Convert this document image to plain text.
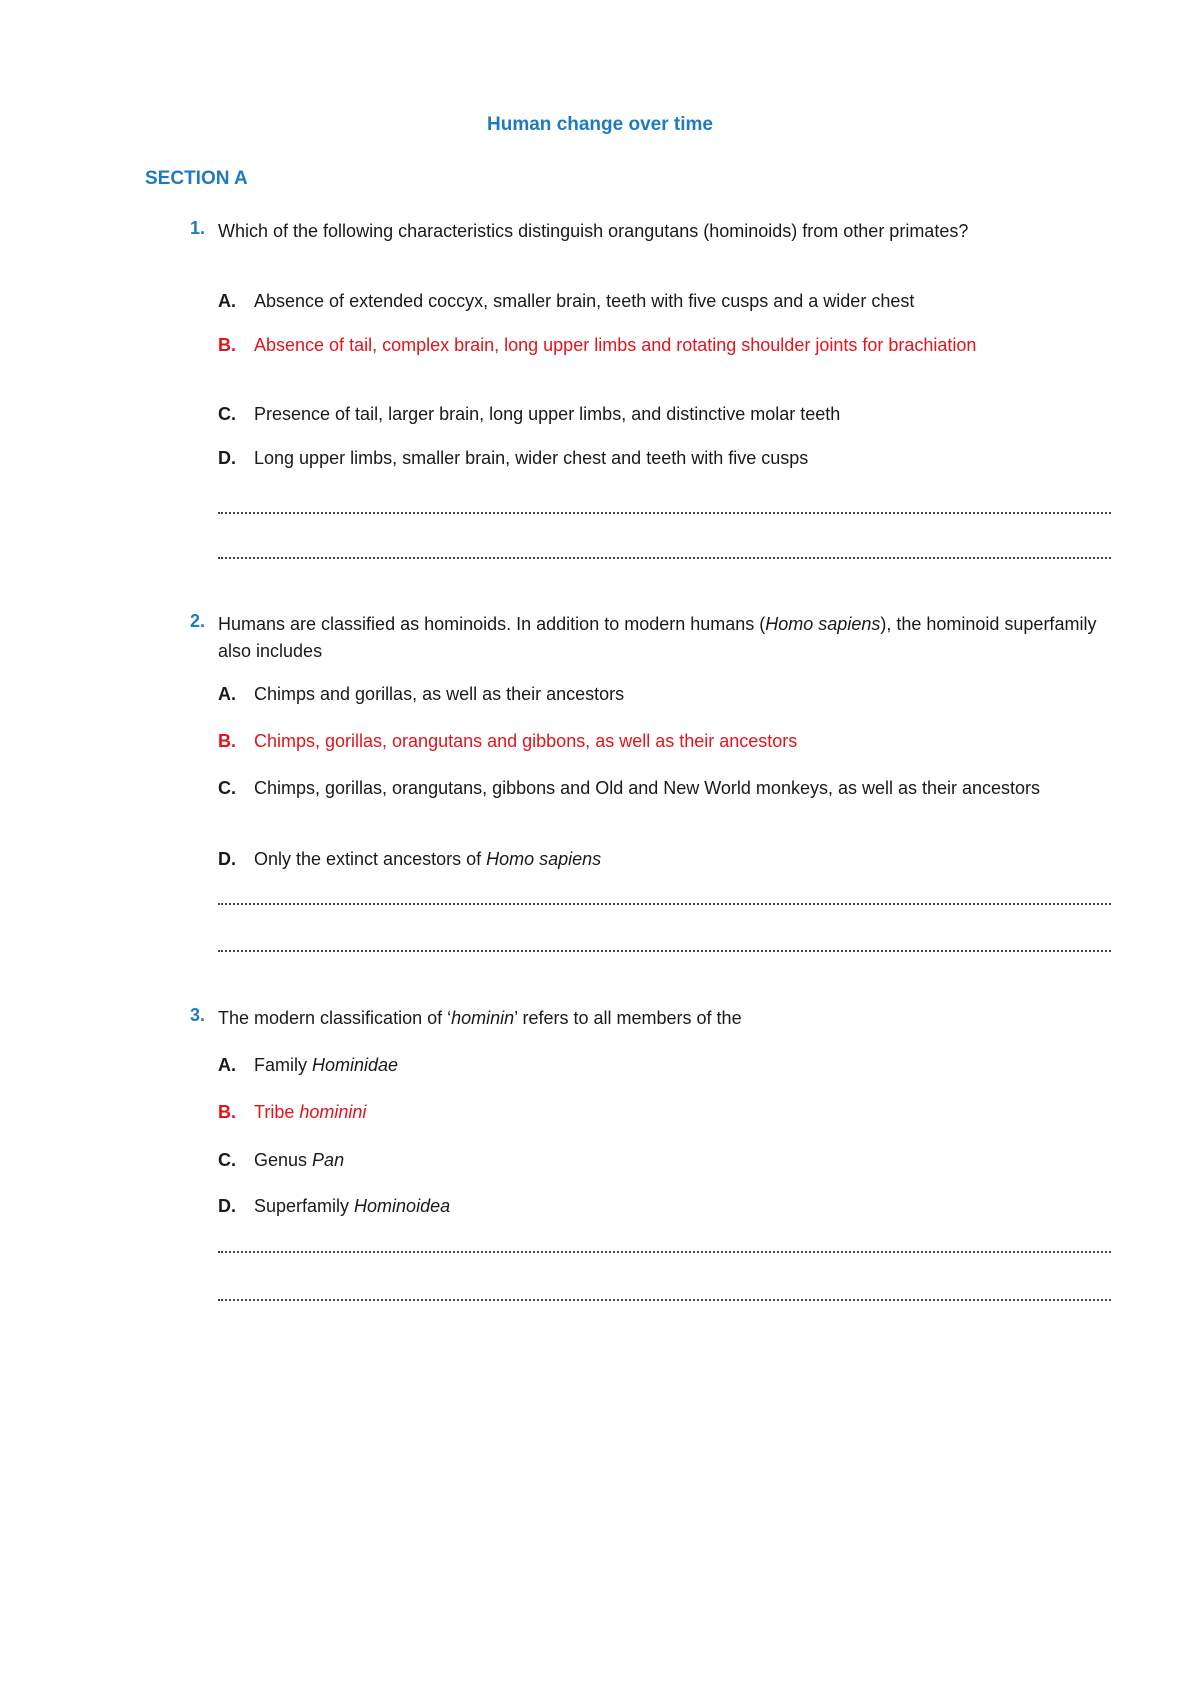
Human change over time
SECTION A
1. Which of the following characteristics distinguish orangutans (hominoids) from other primates?
A. Absence of extended coccyx, smaller brain, teeth with five cusps and a wider chest
B. Absence of tail, complex brain, long upper limbs and rotating shoulder joints for brachiation
C. Presence of tail, larger brain, long upper limbs, and distinctive molar teeth
D. Long upper limbs, smaller brain, wider chest and teeth with five cusps
2. Humans are classified as hominoids. In addition to modern humans (Homo sapiens), the hominoid superfamily also includes
A. Chimps and gorillas, as well as their ancestors
B. Chimps, gorillas, orangutans and gibbons, as well as their ancestors
C. Chimps, gorillas, orangutans, gibbons and Old and New World monkeys, as well as their ancestors
D. Only the extinct ancestors of Homo sapiens
3. The modern classification of ‘hominin’ refers to all members of the
A. Family Hominidae
B. Tribe hominini
C. Genus Pan
D. Superfamily Hominoidea
